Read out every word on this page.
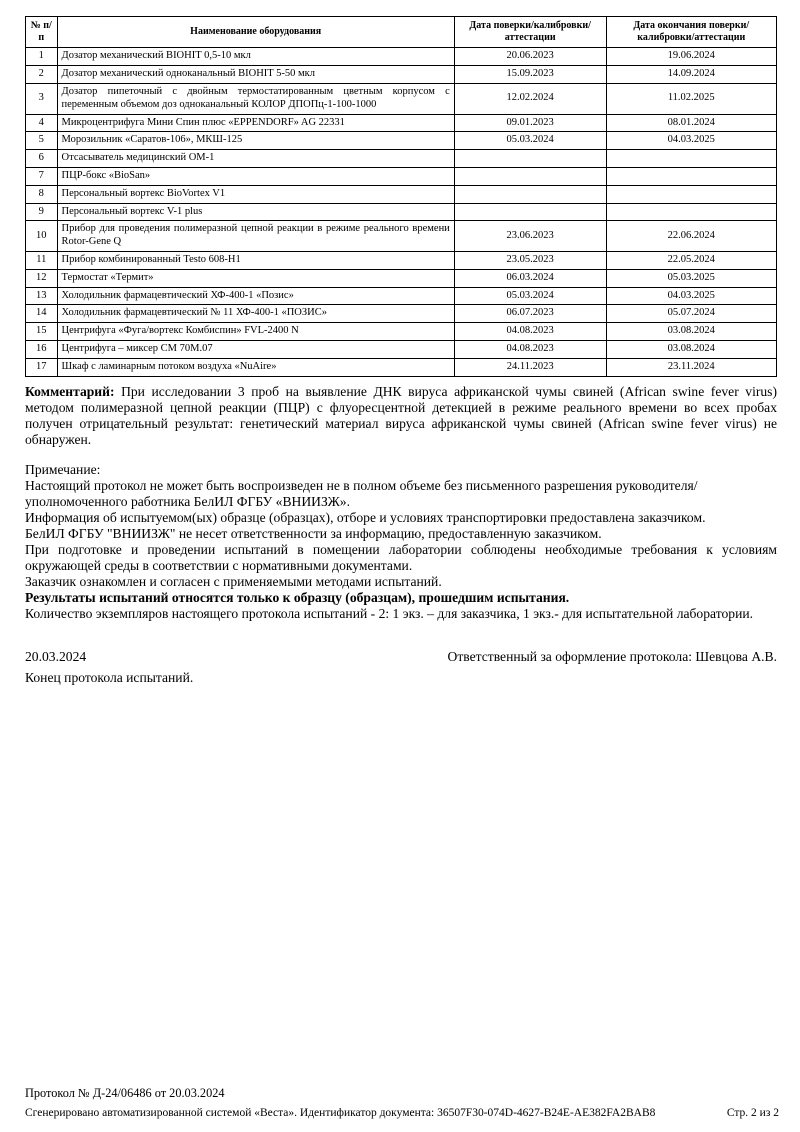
№ п/п	Наименование оборудования	Дата поверки/калибровки/аттестации	Дата окончания поверки/калибровки/аттестации
1	Дозатор механический BIOHIT 0,5-10 мкл	20.06.2023	19.06.2024
2	Дозатор механический одноканальный BIOHIT 5-50 мкл	15.09.2023	14.09.2024
3	Дозатор пипеточный с двойным термостатированным цветным корпусом с переменным объемом доз одноканальный КОЛОР ДПОПц-1-100-1000	12.02.2024	11.02.2025
4	Микроцентрифуга Мини Спин плюс «EPPENDORF» AG 22331	09.01.2023	08.01.2024
5	Морозильник «Саратов-106», МКШ-125	05.03.2024	04.03.2025
6	Отсасыватель медицинский ОМ-1		
7	ПЦР-бокс «BioSan»		
8	Персональный вортекс BioVortex V1		
9	Персональный вортекс V-1 plus		
10	Прибор для проведения полимеразной цепной реакции в режиме реального времени Rotor-Gene Q	23.06.2023	22.06.2024
11	Прибор комбинированный Testo 608-Н1	23.05.2023	22.05.2024
12	Термостат «Термит»	06.03.2024	05.03.2025
13	Холодильник фармацевтический ХФ-400-1 «Позис»	05.03.2024	04.03.2025
14	Холодильник фармацевтический № 11 ХФ-400-1 «ПОЗИС»	06.07.2023	05.07.2024
15	Центрифуга «Фуга/вортекс Комбиспин» FVL-2400 N	04.08.2023	03.08.2024
16	Центрифуга – миксер СМ 70М.07	04.08.2023	03.08.2024
17	Шкаф с ламинарным потоком воздуха «NuAire»	24.11.2023	23.11.2024
Комментарий: При исследовании 3 проб на выявление ДНК вируса африканской чумы свиней (African swine fever virus) методом полимеразной цепной реакции (ПЦР) с флуоресцентной детекцией в режиме реального времени во всех пробах получен отрицательный результат: генетический материал вируса африканской чумы свиней (African swine fever virus) не обнаружен.
Примечание:
Настоящий протокол не может быть воспроизведен не в полном объеме без письменного разрешения руководителя/уполномоченного работника БелИЛ ФГБУ «ВНИИЗЖ».
Информация об испытуемом(ых) образце (образцах), отборе и условиях транспортировки предоставлена заказчиком.
БелИЛ ФГБУ "ВНИИЗЖ" не несет ответственности за информацию, предоставленную заказчиком.
При подготовке и проведении испытаний в помещении лаборатории соблюдены необходимые требования к условиям окружающей среды в соответствии с нормативными документами.
Заказчик ознакомлен и согласен с применяемыми методами испытаний.
Результаты испытаний относятся только к образцу (образцам), прошедшим испытания.
Количество экземпляров настоящего протокола испытаний - 2: 1 экз. – для заказчика, 1 экз.- для испытательной лаборатории.
20.03.2024	Ответственный за оформление протокола: Шевцова А.В.
Конец протокола испытаний.
Протокол № Д-24/06486 от 20.03.2024
Сгенерировано автоматизированной системой «Веста». Идентификатор документа: 36507F30-074D-4627-B24E-AE382FA2BAB8	Стр. 2 из 2
